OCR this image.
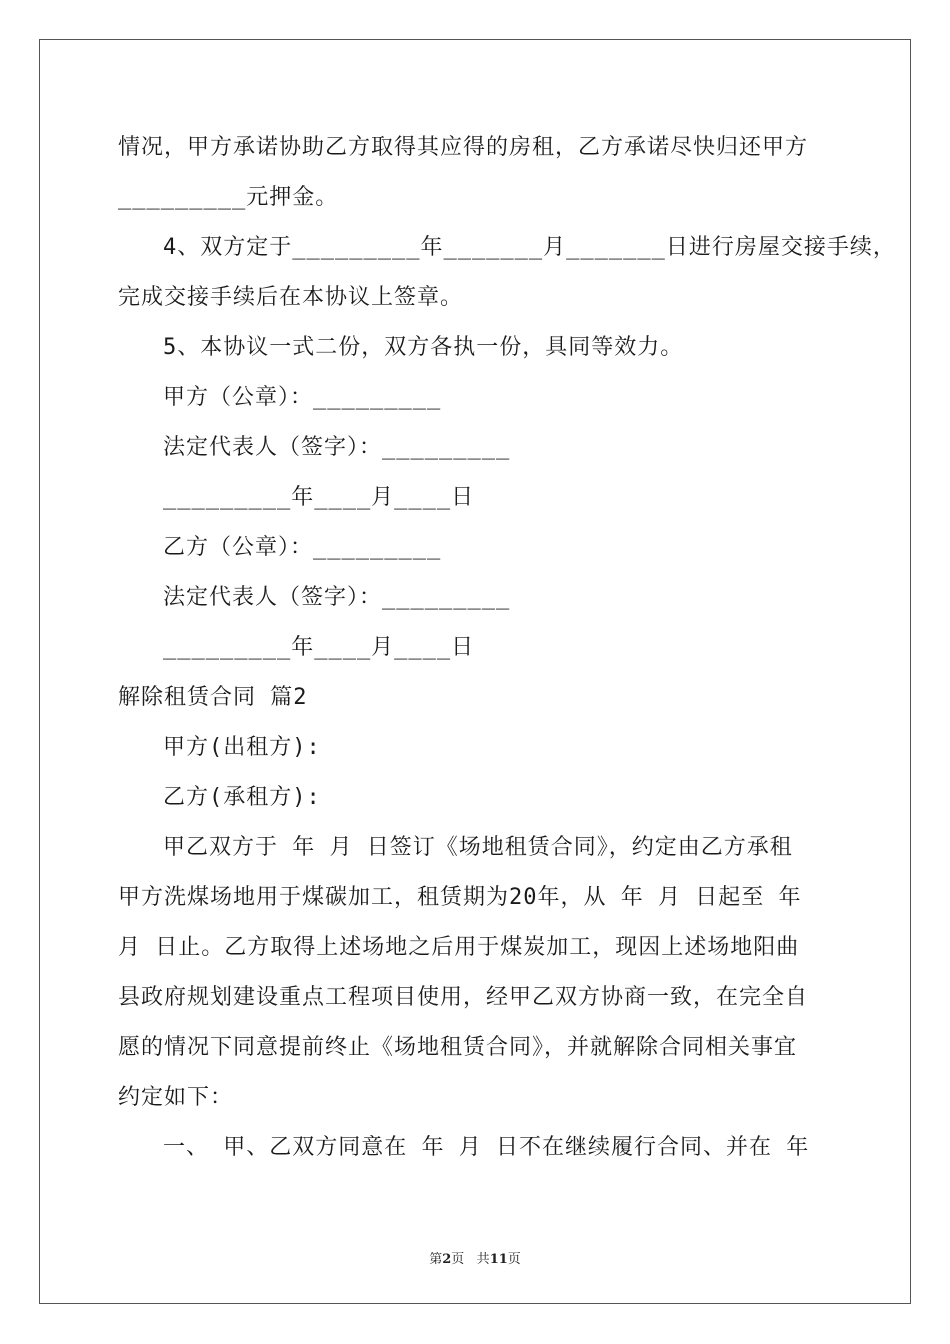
情况，甲方承诺协助乙方取得其应得的房租，乙方承诺尽快归还甲方
_________元押金。
4、双方定于_________年_______月_______日进行房屋交接手续，
完成交接手续后在本协议上签章。
5、本协议一式二份，双方各执一份，具同等效力。
甲方（公章）：_________
法定代表人（签字）：_________
_________年____月____日
乙方（公章）：_________
法定代表人（签字）：_________
_________年____月____日
解除租赁合同 篇2
甲方(出租方):
乙方(承租方):
甲乙双方于 年 月 日签订《场地租赁合同》，约定由乙方承租
甲方洗煤场地用于煤碳加工，租赁期为20年，从 年 月 日起至 年
月 日止。乙方取得上述场地之后用于煤炭加工，现因上述场地阳曲
县政府规划建设重点工程项目使用，经甲乙双方协商一致，在完全自
愿的情况下同意提前终止《场地租赁合同》，并就解除合同相关事宜
约定如下：
一、 甲、乙双方同意在 年 月 日不在继续履行合同、并在 年
第2页 共11页
